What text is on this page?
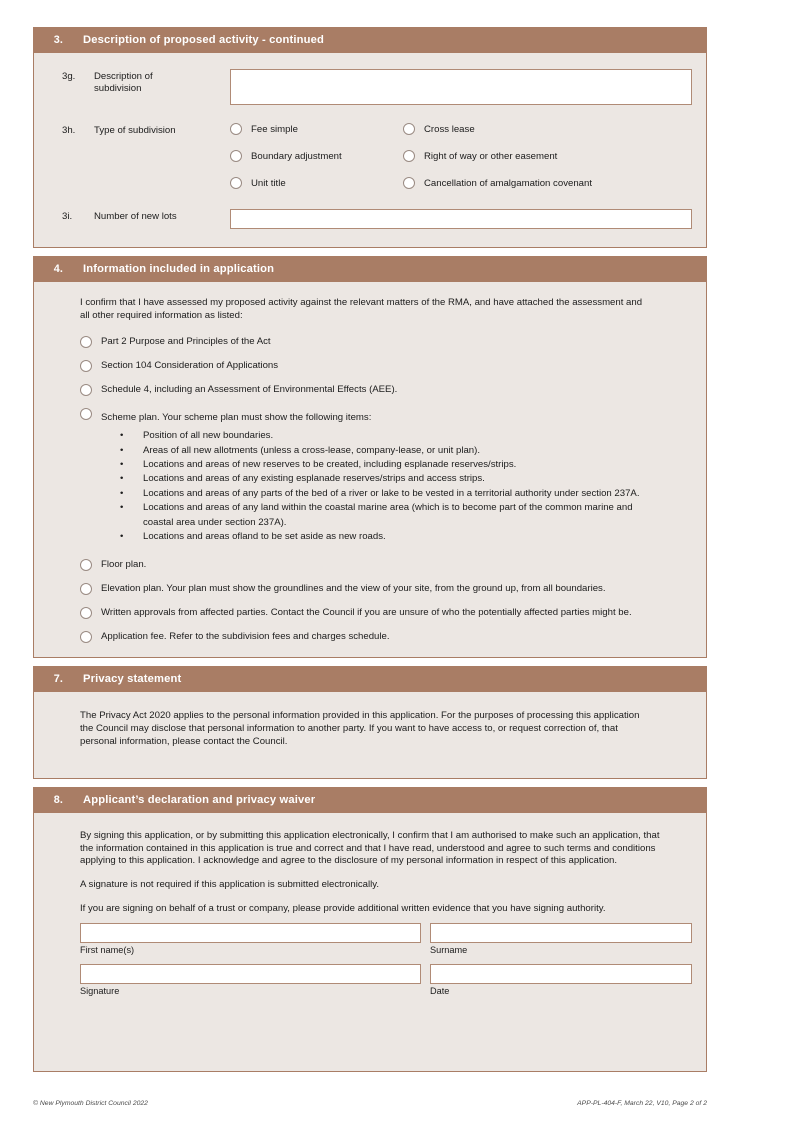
3. Description of proposed activity - continued
3g.	Description of
subdivision
3h.	Type of subdivision	Fee simple	Cross lease
Boundary adjustment	Right of way or other easement
Unit title	Cancellation of amalgamation covenant
3i.	Number of new lots
4. Information included in application
I confirm that I have assessed my proposed activity against the relevant matters of the RMA, and have attached the assessment and all other required information as listed:
Part 2 Purpose and Principles of the Act
Section 104 Consideration of Applications
Schedule 4, including an Assessment of Environmental Effects (AEE).
Scheme plan. Your scheme plan must show the following items:
•	Position of all new boundaries.
•	Areas of all new allotments (unless a cross-lease, company-lease, or unit plan).
•	Locations and areas of new reserves to be created, including esplanade reserves/strips.
•	Locations and areas of any existing esplanade reserves/strips and access strips.
•	Locations and areas of any parts of the bed of a river or lake to be vested in a territorial authority under section 237A.
•	Locations and areas of any land within the coastal marine area (which is to become part of the common marine and coastal area under section 237A).
•	Locations and areas ofland to be set aside as new roads.
Floor plan.
Elevation plan. Your plan must show the groundlines and the view of your site, from the ground up, from all boundaries.
Written approvals from affected parties. Contact the Council if you are unsure of who the potentially affected parties might be.
Application fee. Refer to the subdivision fees and charges schedule.
7. Privacy statement
The Privacy Act 2020 applies to the personal information provided in this application. For the purposes of processing this application the Council may disclose that personal information to another party. If you want to have access to, or request correction of, that personal information, please contact the Council.
8. Applicant’s declaration and privacy waiver
By signing this application, or by submitting this application electronically, I confirm that I am authorised to make such an application, that the information contained in this application is true and correct and that I have read, understood and agree to such terms and conditions applying to this application. I acknowledge and agree to the disclosure of my personal information in respect of this application.
A signature is not required if this application is submitted electronically.
If you are signing on behalf of a trust or company, please provide additional written evidence that you have signing authority.
First name(s)	Surname
Signature	Date
© New Plymouth District Council 2022	APP-PL-404-F, March 22, V10, Page 2 of 2
